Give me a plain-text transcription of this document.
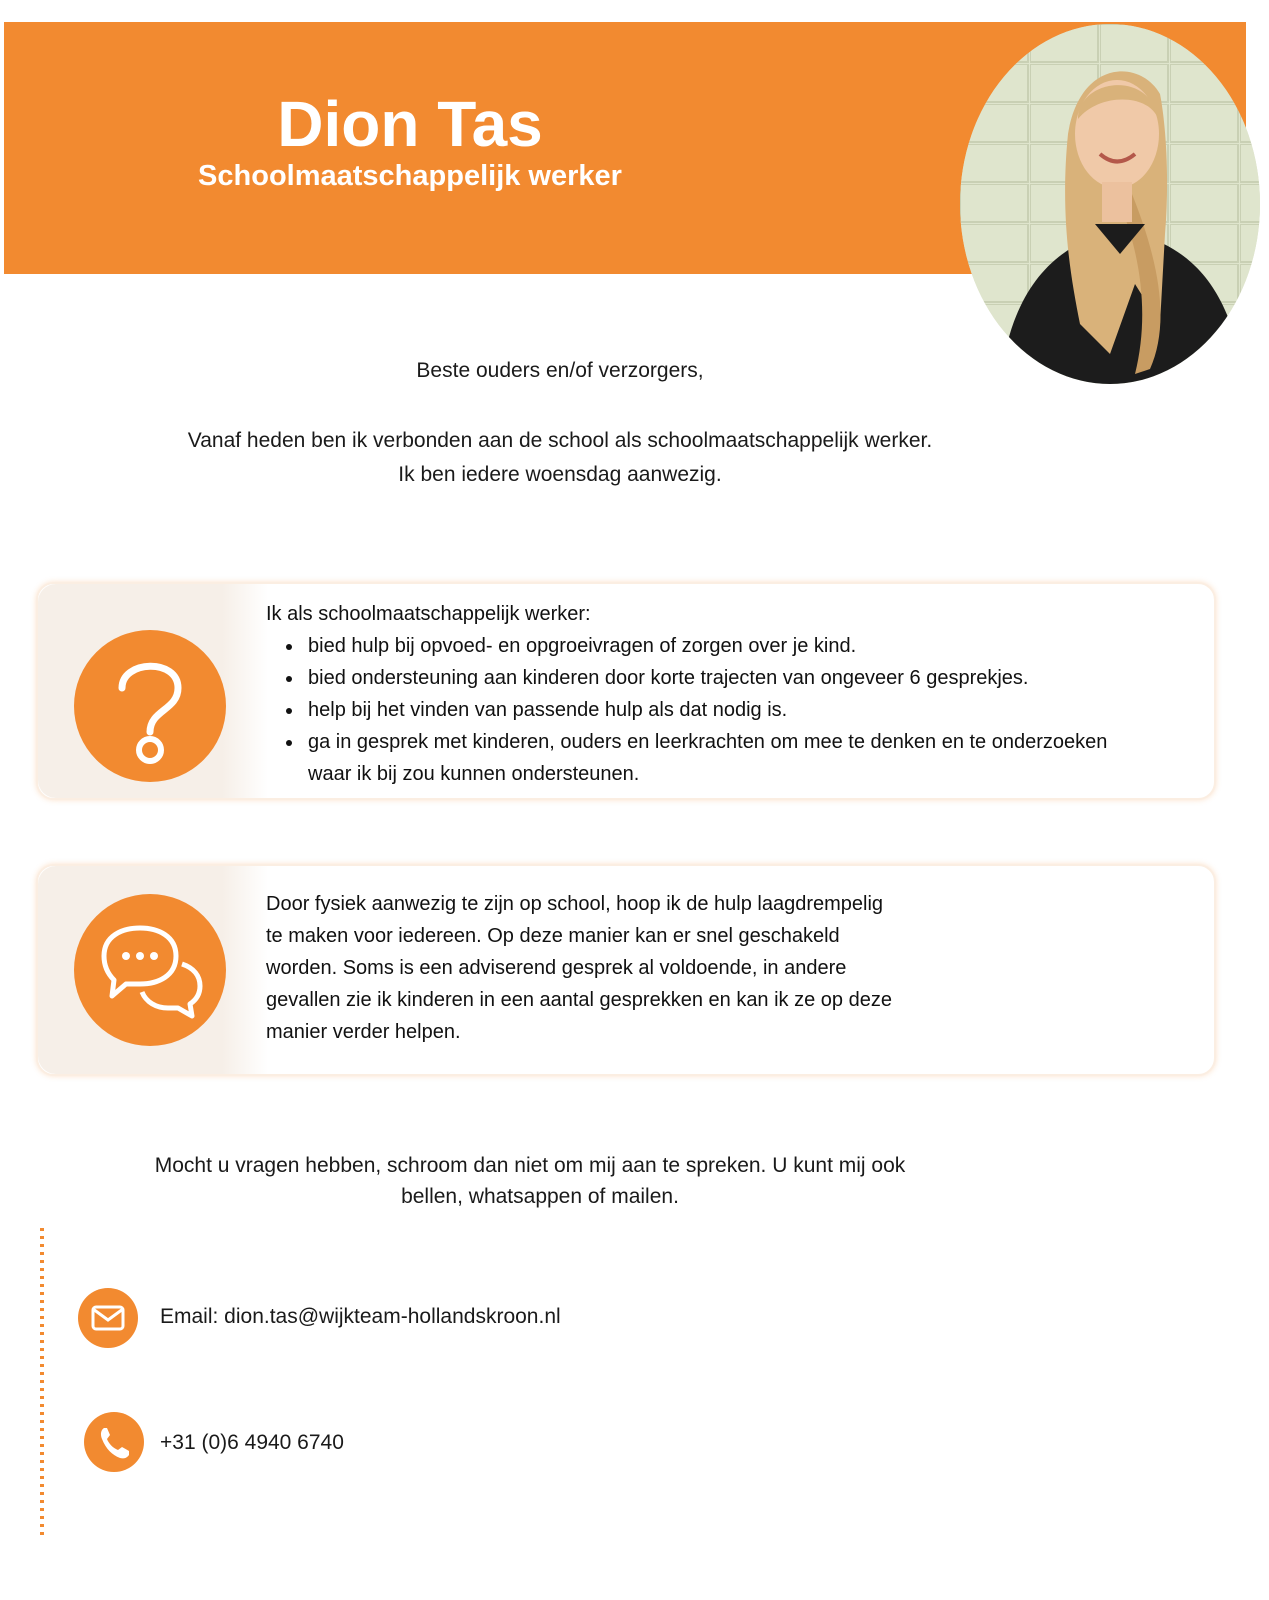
Dion Tas
Schoolmaatschappelijk werker
Beste ouders en/of verzorgers,
Vanaf heden ben ik verbonden aan de school als schoolmaatschappelijk werker.
Ik ben iedere woensdag aanwezig.
Ik als schoolmaatschappelijk werker:
• bied hulp bij opvoed- en opgroeivragen of zorgen over je kind.
• bied ondersteuning aan kinderen door korte trajecten van ongeveer 6 gesprekjes.
• help bij het vinden van passende hulp als dat nodig is.
• ga in gesprek met kinderen, ouders en leerkrachten om mee te denken en te onderzoeken waar ik bij zou kunnen ondersteunen.
Door fysiek aanwezig te zijn op school, hoop ik de hulp laagdrempelig
te maken voor iedereen. Op deze manier kan er snel geschakeld
worden. Soms is een adviserend gesprek al voldoende, in andere
gevallen zie ik kinderen in een aantal gesprekken en kan ik ze op deze
manier verder helpen.
Mocht u vragen hebben, schroom dan niet om mij aan te spreken. U kunt mij ook
bellen, whatsappen of mailen.
Email: dion.tas@wijkteam-hollandskroon.nl
+31 (0)6 4940 6740
